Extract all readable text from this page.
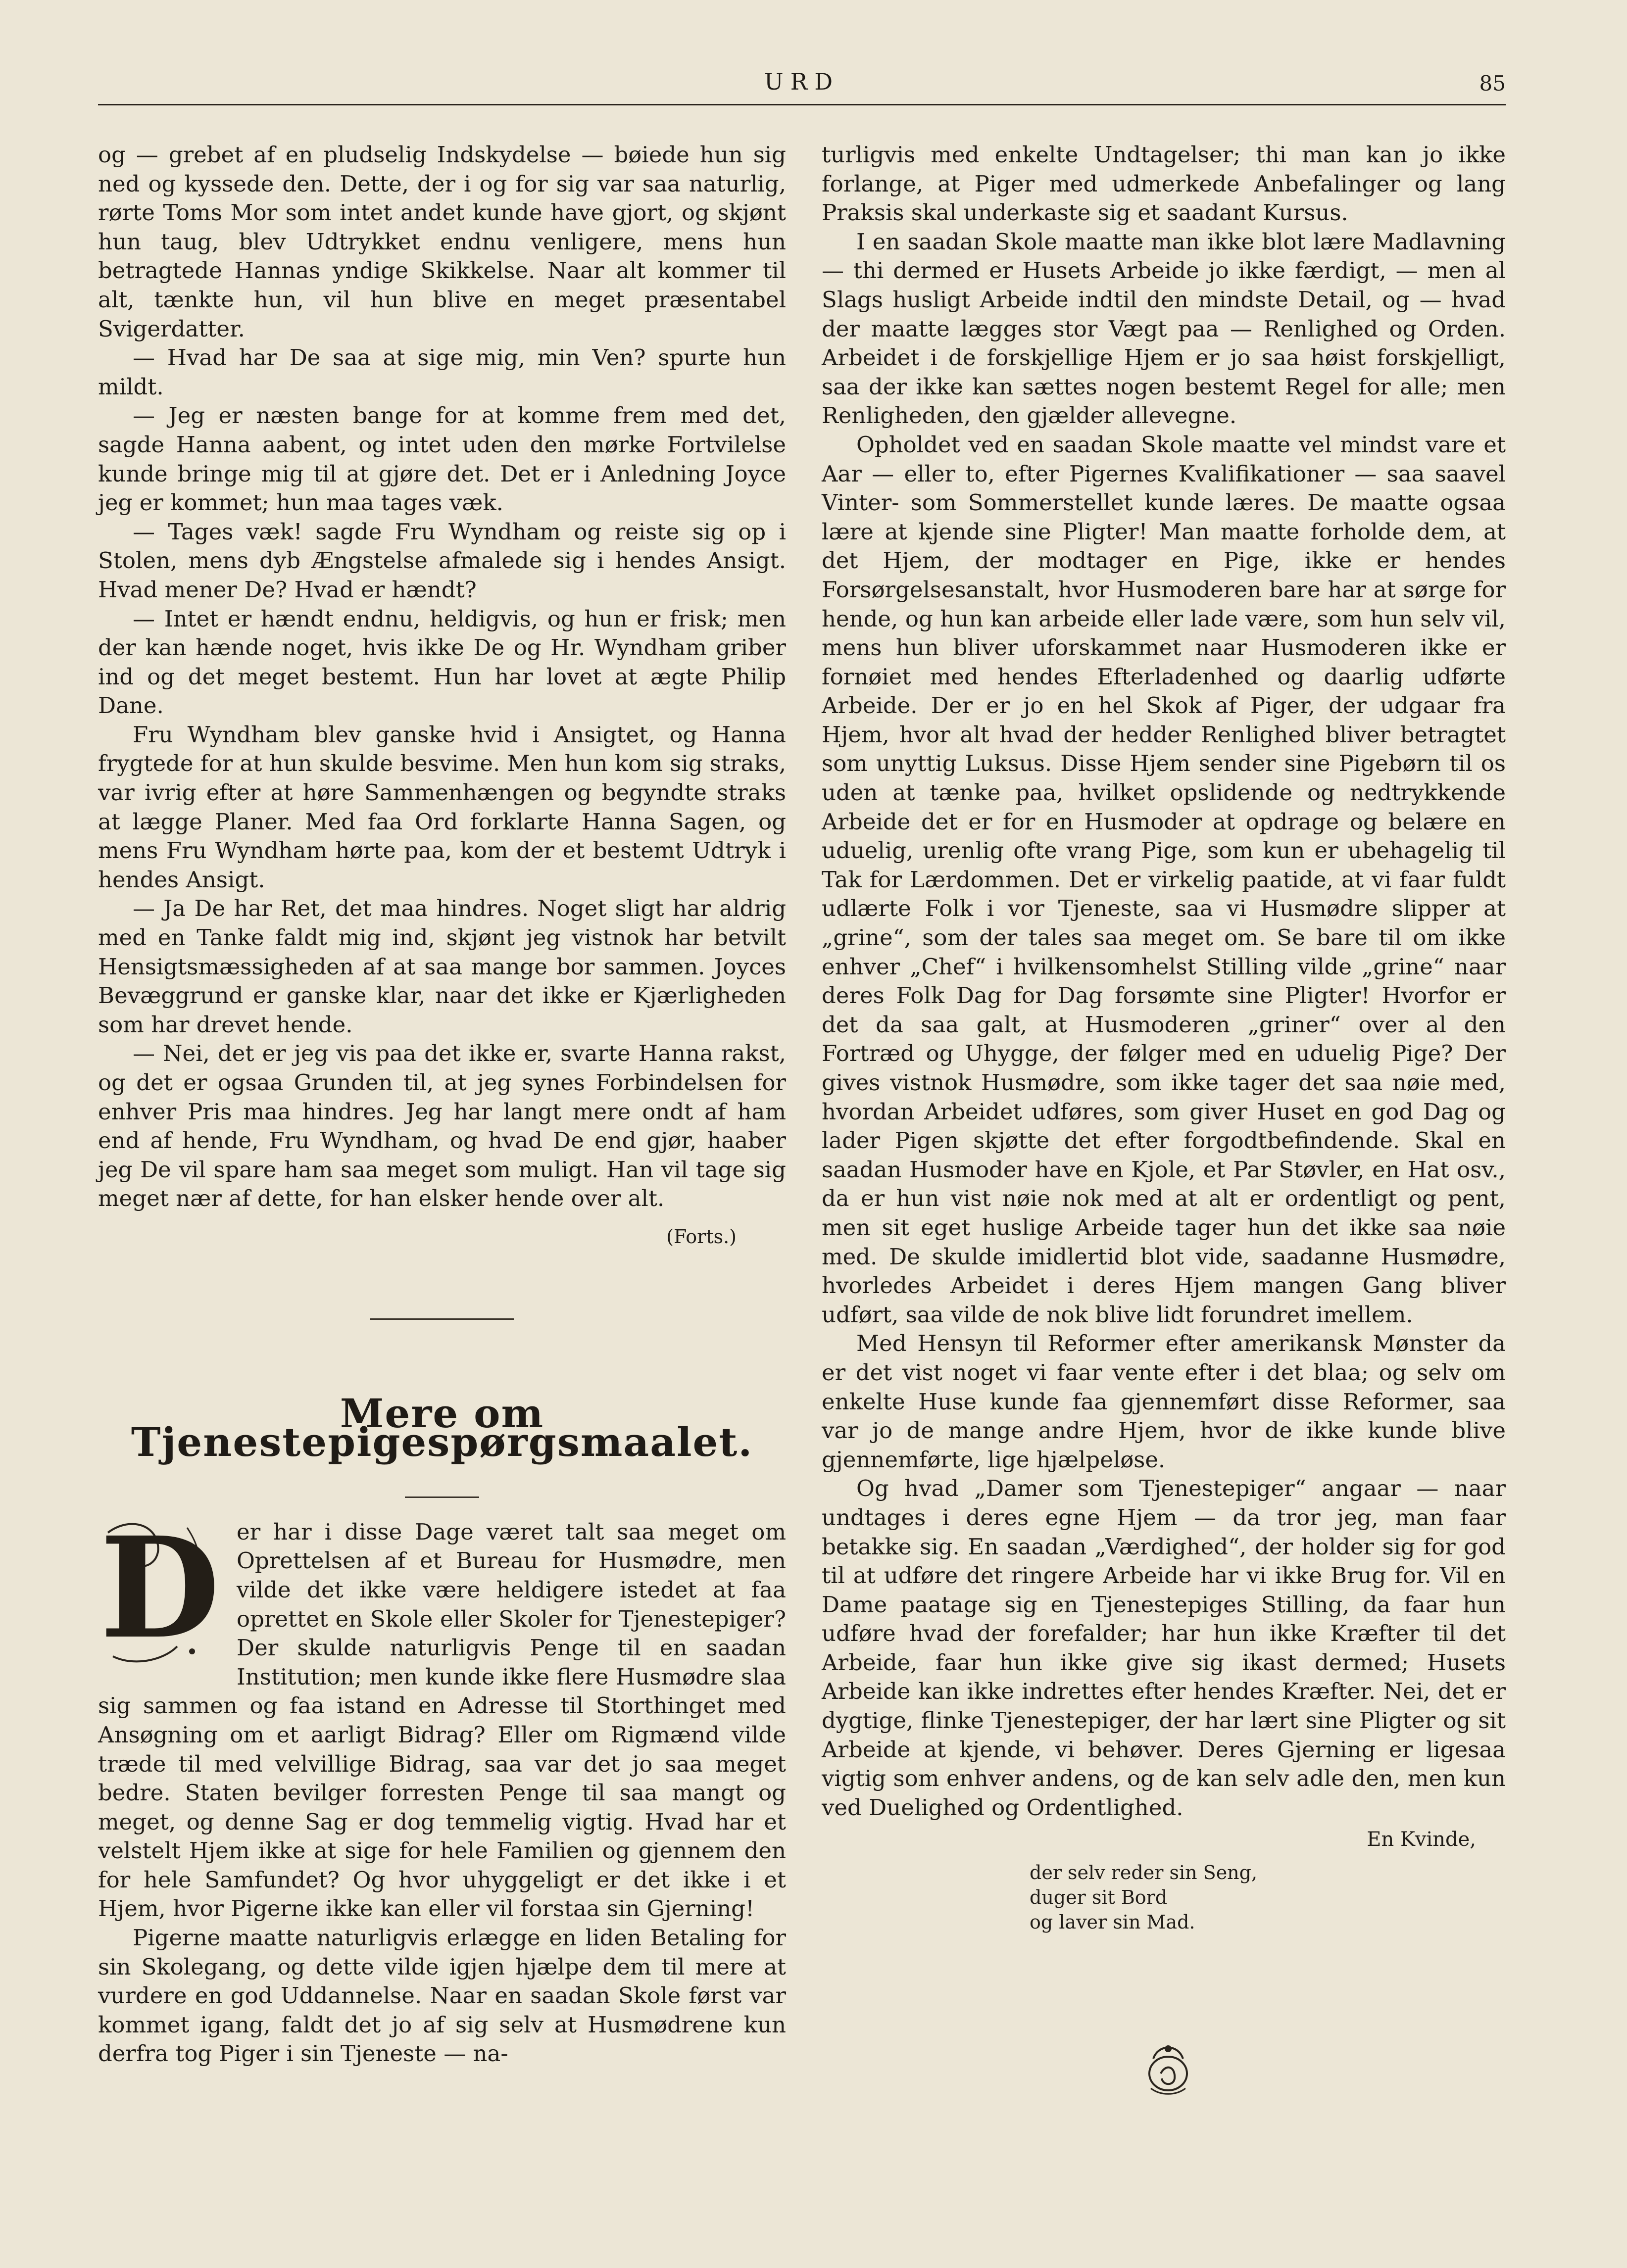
URD	85

og — grebet af en pludselig Indskydelse — bøiede hun sig ned og kyssede den. Dette, der i og for sig var saa naturlig, rørte Toms Mor som intet andet kunde have gjort, og skjønt hun taug, blev Udtrykket endnu venligere, mens hun betragtede Hannas yndige Skikkelse. Naar alt kommer til alt, tænkte hun, vil hun blive en meget præsentabel Svigerdatter.

— Hvad har De saa at sige mig, min Ven? spurte hun mildt.

— Jeg er næsten bange for at komme frem med det, sagde Hanna aabent, og intet uden den mørke Fortvilelse kunde bringe mig til at gjøre det. Det er i Anledning Joyce jeg er kommet; hun maa tages væk.

— Tages væk! sagde Fru Wyndham og reiste sig op i Stolen, mens dyb Ængstelse afmalede sig i hendes Ansigt. Hvad mener De? Hvad er hændt?

— Intet er hændt endnu, heldigvis, og hun er frisk; men der kan hænde noget, hvis ikke De og Hr. Wyndham griber ind og det meget bestemt. Hun har lovet at ægte Philip Dane.

Fru Wyndham blev ganske hvid i Ansigtet, og Hanna frygtede for at hun skulde besvime. Men hun kom sig straks, var ivrig efter at høre Sammenhængen og begyndte straks at lægge Planer. Med faa Ord forklarte Hanna Sagen, og mens Fru Wyndham hørte paa, kom der et bestemt Udtryk i hendes Ansigt.

— Ja De har Ret, det maa hindres. Noget sligt har aldrig med en Tanke faldt mig ind, skjønt jeg vistnok har betvilt Hensigtsmæssigheden af at saa mange bor sammen. Joyces Bevæggrund er ganske klar, naar det ikke er Kjærligheden som har drevet hende.

— Nei, det er jeg vis paa det ikke er, svarte Hanna rakst, og det er ogsaa Grunden til, at jeg synes Forbindelsen for enhver Pris maa hindres. Jeg har langt mere ondt af ham end af hende, Fru Wyndham, og hvad De end gjør, haaber jeg De vil spare ham saa meget som muligt. Han vil tage sig meget nær af dette, for han elsker hende over alt.

(Forts.)
Mere om Tjenestepigespørgsmaalet.
D er har i disse Dage været talt saa meget om Oprettelsen af et Bureau for Husmødre, men vilde det ikke være heldigere istedet at faa oprettet en Skole eller Skoler for Tjenestepiger? Der skulde naturligvis Penge til en saadan Institution; men kunde ikke flere Husmødre slaa sig sammen og faa istand en Adresse til Storthinget med Ansøgning om et aarligt Bidrag? Eller om Rigmænd vilde træde til med velvillige Bidrag, saa var det jo saa meget bedre. Staten bevilger forresten Penge til saa mangt og meget, og denne Sag er dog temmelig vigtig. Hvad har et velstelt Hjem ikke at sige for hele Familien og gjennem den for hele Samfundet? Og hvor uhyggeligt er det ikke i et Hjem, hvor Pigerne ikke kan eller vil forstaa sin Gjerning!

Pigerne maatte naturligvis erlægge en liden Betaling for sin Skolegang, og dette vilde igjen hjælpe dem til mere at vurdere en god Uddannelse. Naar en saadan Skole først var kommet igang, faldt det jo af sig selv at Husmødrene kun derfra tog Piger i sin Tjeneste — na-

turligvis med enkelte Undtagelser; thi man kan jo ikke forlange, at Piger med udmerkede Anbefalinger og lang Praksis skal underkaste sig et saadant Kursus.

I en saadan Skole maatte man ikke blot lære Madlavning — thi dermed er Husets Arbeide jo ikke færdigt, — men al Slags husligt Arbeide indtil den mindste Detail, og — hvad der maatte lægges stor Vægt paa — Renlighed og Orden. Arbeidet i de forskjellige Hjem er jo saa høist forskjelligt, saa der ikke kan sættes nogen bestemt Regel for alle; men Renligheden, den gjælder allevegne.

Opholdet ved en saadan Skole maatte vel mindst vare et Aar — eller to, efter Pigernes Kvalifikationer — saa saavel Vinter- som Sommerstellet kunde læres. De maatte ogsaa lære at kjende sine Pligter! Man maatte forholde dem, at det Hjem, der modtager en Pige, ikke er hendes Forsørgelsesanstalt, hvor Husmoderen bare har at sørge for hende, og hun kan arbeide eller lade være, som hun selv vil, mens hun bliver uforskammet naar Husmoderen ikke er fornøiet med hendes Efterladenhed og daarlig udførte Arbeide. Der er jo en hel Skok af Piger, der udgaar fra Hjem, hvor alt hvad der hedder Renlighed bliver betragtet som unyttig Luksus. Disse Hjem sender sine Pigebørn til os uden at tænke paa, hvilket opslidende og nedtrykkende Arbeide det er for en Husmoder at opdrage og belære en uduelig, urenlig ofte vrang Pige, som kun er ubehagelig til Tak for Lærdommen. Det er virkelig paatide, at vi faar fuldt udlærte Folk i vor Tjeneste, saa vi Husmødre slipper at „grine“, som der tales saa meget om. Se bare til om ikke enhver „Chef“ i hvilkensomhelst Stilling vilde „grine“ naar deres Folk Dag for Dag forsømte sine Pligter! Hvorfor er det da saa galt, at Husmoderen „griner“ over al den Fortræd og Uhygge, der følger med en uduelig Pige? Der gives vistnok Husmødre, som ikke tager det saa nøie med, hvordan Arbeidet udføres, som giver Huset en god Dag og lader Pigen skjøtte det efter forgodtbefindende. Skal en saadan Husmoder have en Kjole, et Par Støvler, en Hat osv., da er hun vist nøie nok med at alt er ordentligt og pent, men sit eget huslige Arbeide tager hun det ikke saa nøie med. De skulde imidlertid blot vide, saadanne Husmødre, hvorledes Arbeidet i deres Hjem mangen Gang bliver udført, saa vilde de nok blive lidt forundret imellem.

Med Hensyn til Reformer efter amerikansk Mønster da er det vist noget vi faar vente efter i det blaa; og selv om enkelte Huse kunde faa gjennemført disse Reformer, saa var jo de mange andre Hjem, hvor de ikke kunde blive gjennemførte, lige hjælpeløse.

Og hvad „Damer som Tjenestepiger“ angaar — naar undtages i deres egne Hjem — da tror jeg, man faar betakke sig. En saadan „Værdighed“, der holder sig for god til at udføre det ringere Arbeide har vi ikke Brug for. Vil en Dame paatage sig en Tjenestepiges Stilling, da faar hun udføre hvad der forefalder; har hun ikke Kræfter til det Arbeide, faar hun ikke give sig ikast dermed; Husets Arbeide kan ikke indrettes efter hendes Kræfter. Nei, det er dygtige, flinke Tjenestepiger, der har lært sine Pligter og sit Arbeide at kjende, vi behøver. Deres Gjerning er ligesaa vigtig som enhver andens, og de kan selv adle den, men kun ved Duelighed og Ordentlighed.

En Kvinde,
der selv reder sin Seng,
duger sit Bord
og laver sin Mad.
